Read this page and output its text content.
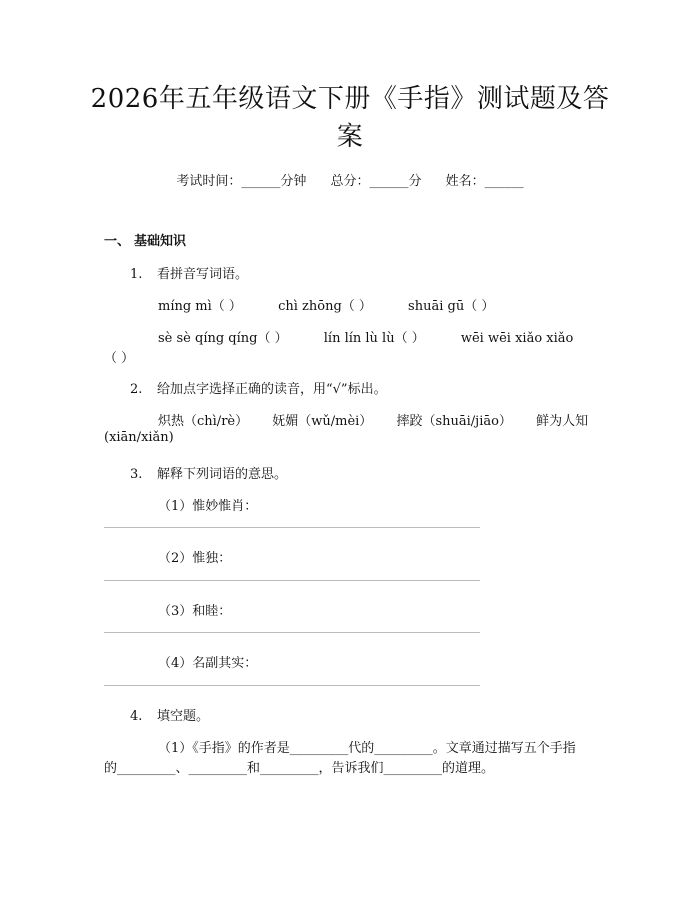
2026年五年级语文下册《手指》测试题及答
案
考试时间：______分钟 总分：______分 姓名：______
一、 基础知识
1. 看拼音写词语。
míng mì（ ）	chì zhōng（ ）	shuāi gū（ ）
sè sè qíng qíng（ ）	lín lín lù lù（ ）	wēi wēi xiǎo xiǎo
（ ）
2. 给加点字选择正确的读音，用“√”标出。
炽热（chì/rè） 妩媚（wǔ/mèi） 摔跤（shuāi/jiāo） 鲜为人知
(xiān/xiǎn)
3. 解释下列词语的意思。
（1）惟妙惟肖：
（2）惟独：
（3）和睦：
（4）名副其实：
4. 填空题。
（1）《手指》的作者是_________代的_________。文章通过描写五个手指
的_________、_________和_________，告诉我们_________的道理。
